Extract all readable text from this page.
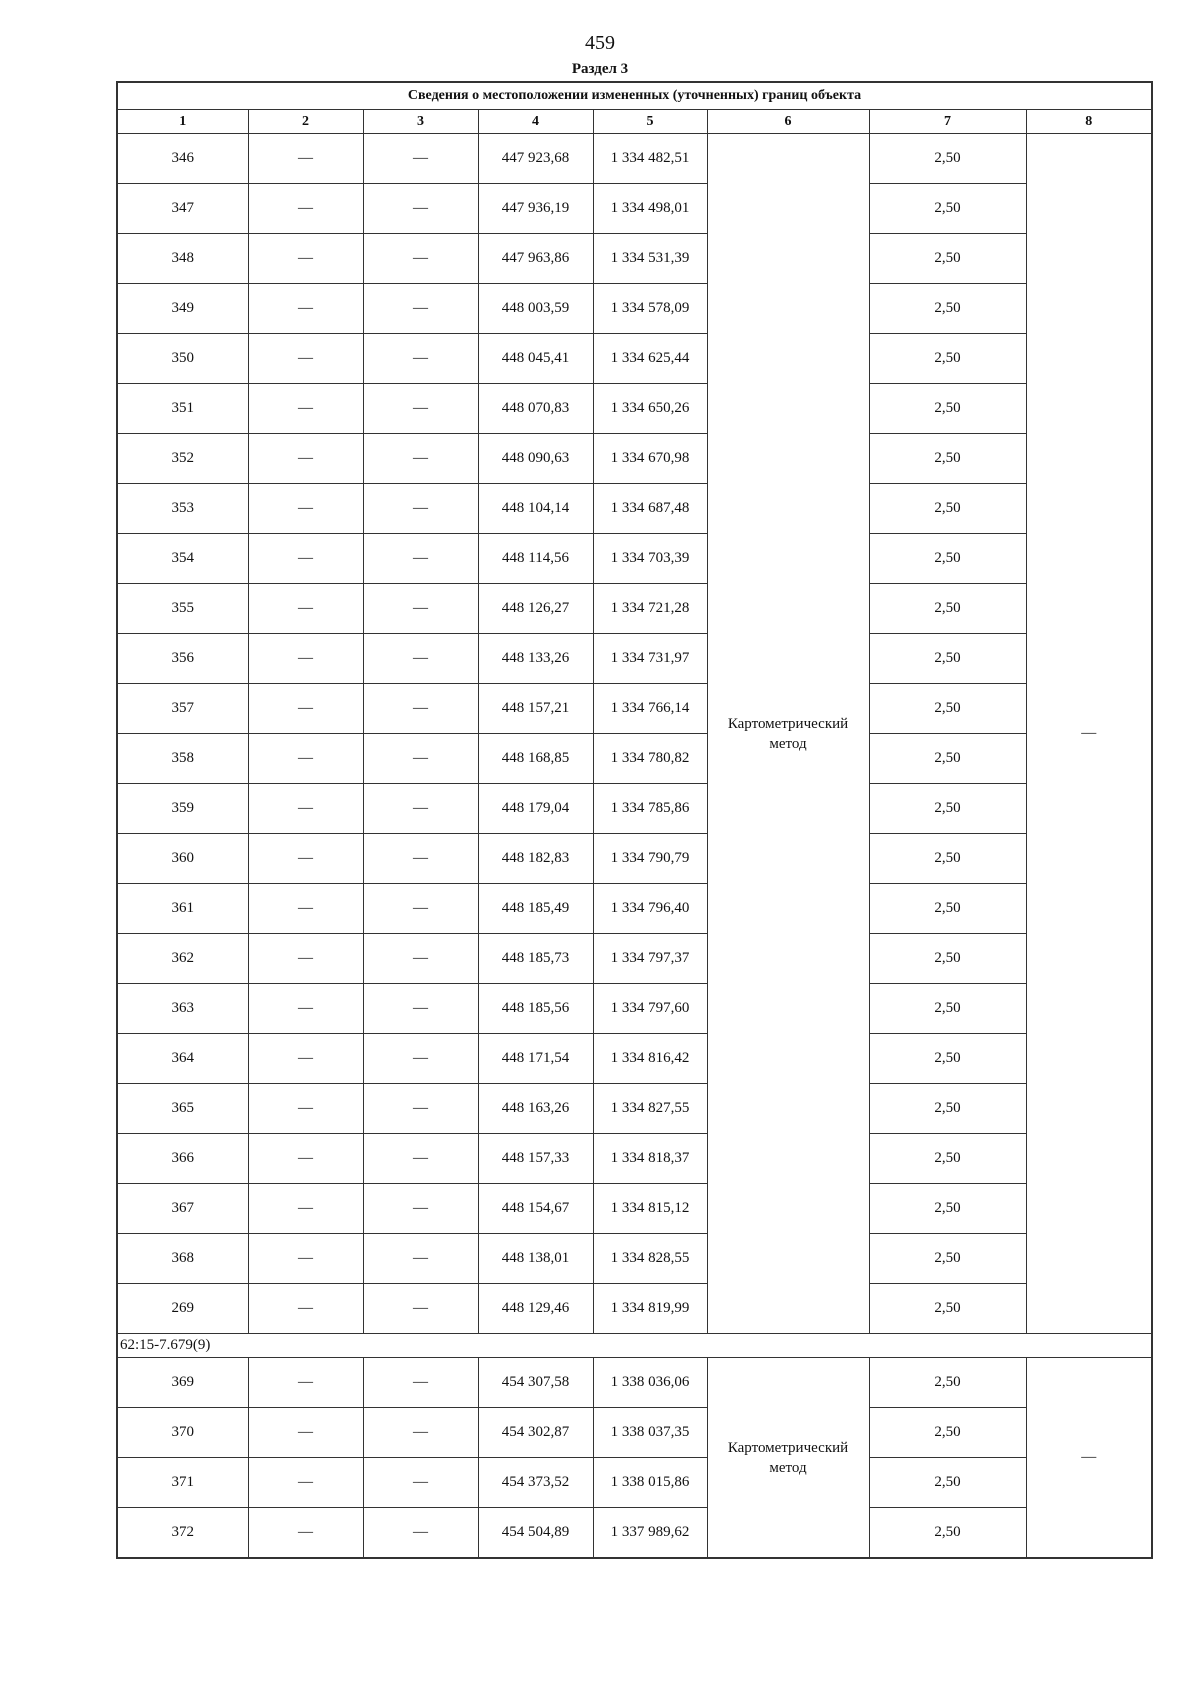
459
Раздел 3
Сведения о местоположении измененных (уточненных) границ объекта							
1	2	3	4	5	6	7	8
346	—	—	447 923,68	1 334 482,51	Картометрический метод	2,50	—
347	—	—	447 936,19	1 334 498,01		2,50	
348	—	—	447 963,86	1 334 531,39		2,50	
349	—	—	448 003,59	1 334 578,09		2,50	
350	—	—	448 045,41	1 334 625,44		2,50	
351	—	—	448 070,83	1 334 650,26		2,50	
352	—	—	448 090,63	1 334 670,98		2,50	
353	—	—	448 104,14	1 334 687,48		2,50	
354	—	—	448 114,56	1 334 703,39		2,50	
355	—	—	448 126,27	1 334 721,28		2,50	
356	—	—	448 133,26	1 334 731,97		2,50	
357	—	—	448 157,21	1 334 766,14		2,50	
358	—	—	448 168,85	1 334 780,82		2,50	
359	—	—	448 179,04	1 334 785,86		2,50	
360	—	—	448 182,83	1 334 790,79		2,50	
361	—	—	448 185,49	1 334 796,40		2,50	
362	—	—	448 185,73	1 334 797,37		2,50	
363	—	—	448 185,56	1 334 797,60		2,50	
364	—	—	448 171,54	1 334 816,42		2,50	
365	—	—	448 163,26	1 334 827,55		2,50	
366	—	—	448 157,33	1 334 818,37		2,50	
367	—	—	448 154,67	1 334 815,12		2,50	
368	—	—	448 138,01	1 334 828,55		2,50	
269	—	—	448 129,46	1 334 819,99		2,50	
62:15-7.679(9)							
369	—	—	454 307,58	1 338 036,06	Картометрический метод	2,50	—
370	—	—	454 302,87	1 338 037,35		2,50	
371	—	—	454 373,52	1 338 015,86		2,50	
372	—	—	454 504,89	1 337 989,62		2,50	
